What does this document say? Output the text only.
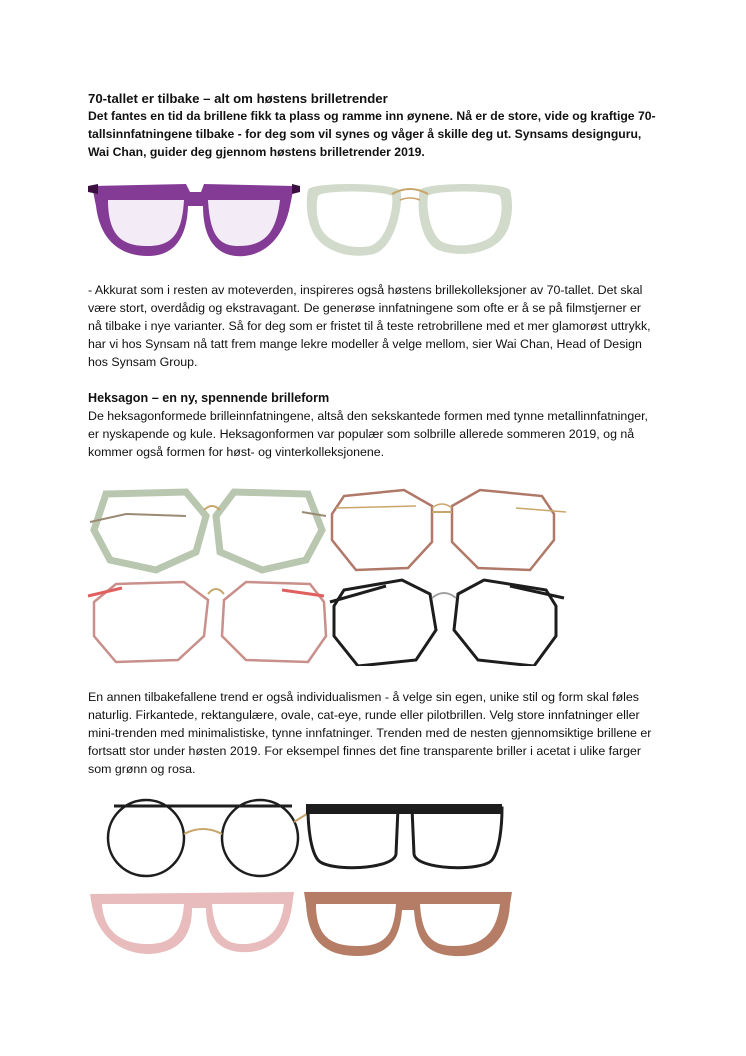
70-tallet er tilbake – alt om høstens brilletrender

Det fantes en tid da brillene fikk ta plass og ramme inn øynene. Nå er de store, vide og kraftige 70-tallsinnfatningene tilbake - for deg som vil synes og våger å skille deg ut. Synsams designguru, Wai Chan, guider deg gjennom høstens brilletrender 2019.

- Akkurat som i resten av moteverden, inspireres også høstens brillekolleksjoner av 70-tallet. Det skal være stort, overdådig og ekstravagant. De generøse innfatningene som ofte er å se på filmstjerner er nå tilbake i nye varianter. Så for deg som er fristet til å teste retrobrillene med et mer glamorøst uttrykk, har vi hos Synsam nå tatt frem mange lekre modeller å velge mellom, sier Wai Chan, Head of Design hos Synsam Group.

Heksagon – en ny, spennende brilleform

De heksagonformede brilleinnfatningene, altså den sekskantede formen med tynne metallinnfatninger, er nyskapende og kule. Heksagonformen var populær som solbrille allerede sommeren 2019, og nå kommer også formen for høst- og vinterkolleksjonene.

En annen tilbakefallene trend er også individualismen - å velge sin egen, unike stil og form skal føles naturlig. Firkantede, rektangulære, ovale, cat-eye, runde eller pilotbrillen. Velg store innfatninger eller mini-trenden med minimalistiske, tynne innfatninger. Trenden med de nesten gjennomsiktige brillene er fortsatt stor under høsten 2019. For eksempel finnes det fine transparente briller i acetat i ulike farger som grønn og rosa.
